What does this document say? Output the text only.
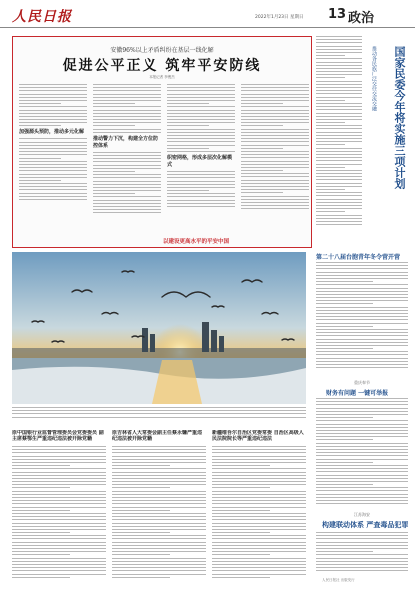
人民日报	2022年1月23日 星期日 13 政治
安徽96%以上矛盾纠纷在基层一线化解
促进公平正义 筑牢平安防线
本报记者 李俊杰
加强源头预防，推动多元化解
推动警力下沉，构建全方位防控体系
织密网格，形成多层次化解模式
以建设更高水平的平安中国
推动各民族广泛交往交流交融	国家民委今年将实施三项计划
第二十八届台胞青年冬令营开营
重庆奉节
财务有问题 一键可举报
江苏海安
构建联动体系 严查毒品犯罪
原中国银行业监督管理委员会党委委员 副主席蔡鄂生严重违纪违法被开除党籍
原吉林省人大常委会副主任蔡永镛严重违纪违法被开除党籍
新疆维吾尔自治区党委常委 自治区高级人民法院院长等严重违纪违法
人民日报社 出版发行
